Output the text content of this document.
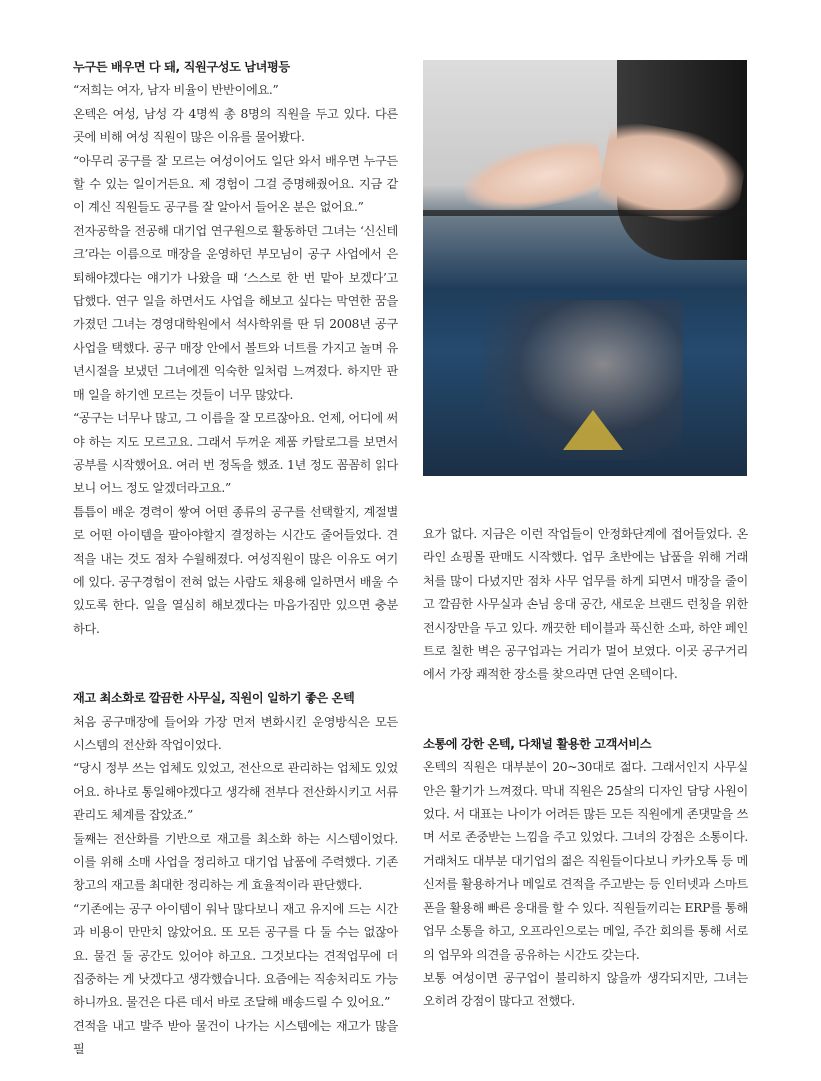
누구든 배우면 다 돼, 직원구성도 남녀평등

“저희는 여자, 남자 비율이 반반이에요.”

온텍은 여성, 남성 각 4명씩 총 8명의 직원을 두고 있다. 다른 곳에 비해 여성 직원이 많은 이유를 물어봤다.

“아무리 공구를 잘 모르는 여성이어도 일단 와서 배우면 누구든 할 수 있는 일이거든요. 제 경험이 그걸 증명해줬어요. 지금 같이 계신 직원들도 공구를 잘 알아서 들어온 분은 없어요.”

전자공학을 전공해 대기업 연구원으로 활동하던 그녀는 ‘신신테크’라는 이름으로 매장을 운영하던 부모님이 공구 사업에서 은퇴해야겠다는 얘기가 나왔을 때 ‘스스로 한 번 맡아 보겠다’고 답했다. 연구 일을 하면서도 사업을 해보고 싶다는 막연한 꿈을 가졌던 그녀는 경영대학원에서 석사학위를 딴 뒤 2008년 공구사업을 택했다. 공구 매장 안에서 볼트와 너트를 가지고 놀며 유년시절을 보냈던 그녀에겐 익숙한 일처럼 느껴졌다. 하지만 판매 일을 하기엔 모르는 것들이 너무 많았다.

“공구는 너무나 많고, 그 이름을 잘 모르잖아요. 언제, 어디에 써야 하는 지도 모르고요. 그래서 두꺼운 제품 카탈로그를 보면서 공부를 시작했어요. 여러 번 정독을 했죠. 1년 정도 꼼꼼히 읽다보니 어느 정도 알겠더라고요.”

틈틈이 배운 경력이 쌓여 어떤 종류의 공구를 선택할지, 계절별로 어떤 아이템을 팔아야할지 결정하는 시간도 줄어들었다. 견적을 내는 것도 점차 수월해졌다. 여성직원이 많은 이유도 여기에 있다. 공구경험이 전혀 없는 사람도 채용해 일하면서 배울 수 있도록 한다. 일을 열심히 해보겠다는 마음가짐만 있으면 충분하다.

재고 최소화로 깔끔한 사무실, 직원이 일하기 좋은 온텍

처음 공구매장에 들어와 가장 먼저 변화시킨 운영방식은 모든 시스템의 전산화 작업이었다.

“당시 정부 쓰는 업체도 있었고, 전산으로 관리하는 업체도 있었어요. 하나로 통일해야겠다고 생각해 전부다 전산화시키고 서류관리도 체계를 잡았죠.”

둘째는 전산화를 기반으로 재고를 최소화 하는 시스템이었다. 이를 위해 소매 사업을 정리하고 대기업 납품에 주력했다. 기존 창고의 재고를 최대한 정리하는 게 효율적이라 판단했다.

“기존에는 공구 아이템이 워낙 많다보니 재고 유지에 드는 시간과 비용이 만만치 않았어요. 또 모든 공구를 다 둘 수는 없잖아요. 물건 둘 공간도 있어야 하고요. 그것보다는 견적업무에 더 집중하는 게 낫겠다고 생각했습니다. 요즘에는 직송처리도 가능하니까요. 물건은 다른 데서 바로 조달해 배송드릴 수 있어요.”

견적을 내고 발주 받아 물건이 나가는 시스템에는 재고가 많을 필

요가 없다. 지금은 이런 작업들이 안정화단계에 접어들었다. 온라인 쇼핑몰 판매도 시작했다. 업무 초반에는 납품을 위해 거래처를 많이 다녔지만 점차 사무 업무를 하게 되면서 매장을 줄이고 깔끔한 사무실과 손님 응대 공간, 새로운 브랜드 런칭을 위한 전시장만을 두고 있다. 깨끗한 테이블과 푹신한 소파, 하얀 페인트로 칠한 벽은 공구업과는 거리가 멀어 보였다. 이곳 공구거리에서 가장 쾌적한 장소를 찾으라면 단연 온텍이다.

소통에 강한 온텍, 다채널 활용한 고객서비스

온텍의 직원은 대부분이 20~30대로 젊다. 그래서인지 사무실 안은 활기가 느껴졌다. 막내 직원은 25살의 디자인 담당 사원이었다. 서 대표는 나이가 어려든 많든 모든 직원에게 존댓말을 쓰며 서로 존중받는 느낌을 주고 있었다. 그녀의 강점은 소통이다. 거래처도 대부분 대기업의 젊은 직원들이다보니 카카오톡 등 메신저를 활용하거나 메일로 견적을 주고받는 등 인터넷과 스마트폰을 활용해 빠른 응대를 할 수 있다. 직원들끼리는 ERP를 통해 업무 소통을 하고, 오프라인으로는 메일, 주간 회의를 통해 서로의 업무와 의견을 공유하는 시간도 갖는다.

보통 여성이면 공구업이 불리하지 않을까 생각되지만, 그녀는 오히려 강점이 많다고 전했다.
